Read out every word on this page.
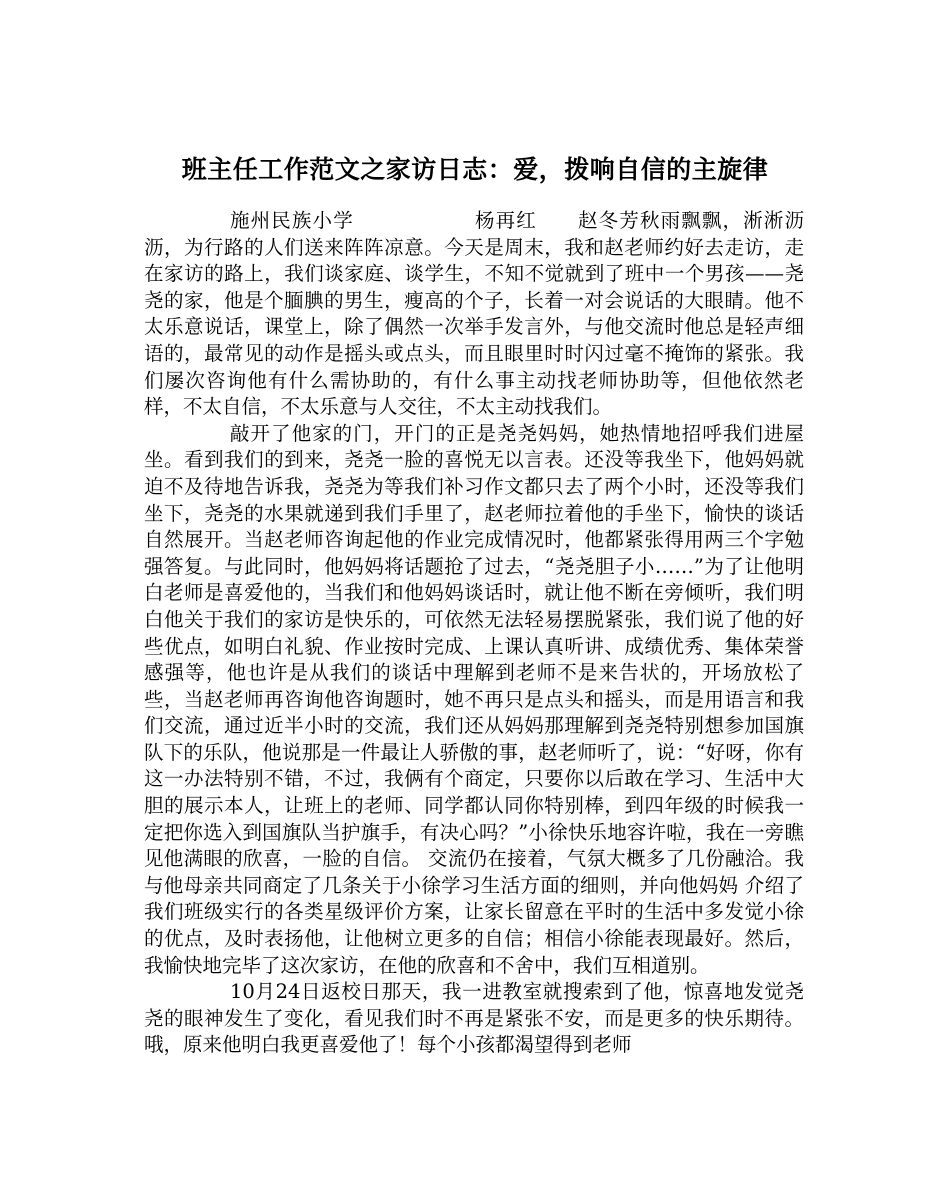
班主任工作范文之家访日志：爱，拨响自信的主旋律

施州民族小学	杨再红 赵冬芳秋雨飘飘，淅淅沥沥，为行路的人们送来阵阵凉意。今天是周末，我和赵老师约好去走访，走在家访的路上，我们谈家庭、谈学生，不知不觉就到了班中一个男孩——尧尧的家，他是个腼腆的男生，瘦高的个子，长着一对会说话的大眼睛。他不太乐意说话，课堂上，除了偶然一次举手发言外，与他交流时他总是轻声细语的，最常见的动作是摇头或点头，而且眼里时时闪过毫不掩饰的紧张。我们屡次咨询他有什么需协助的，有什么事主动找老师协助等，但他依然老样，不太自信，不太乐意与人交往，不太主动找我们。

敲开了他家的门，开门的正是尧尧妈妈，她热情地招呼我们进屋坐。看到我们的到来，尧尧一脸的喜悦无以言表。还没等我坐下，他妈妈就迫不及待地告诉我，尧尧为等我们补习作文都只去了两个小时，还没等我们坐下，尧尧的水果就递到我们手里了，赵老师拉着他的手坐下，愉快的谈话自然展开。当赵老师咨询起他的作业完成情况时，他都紧张得用两三个字勉强答复。与此同时，他妈妈将话题抢了过去，“尧尧胆子小……”为了让他明白老师是喜爱他的，当我们和他妈妈谈话时，就让他不断在旁倾听，我们明白他关于我们的家访是快乐的，可依然无法轻易摆脱紧张，我们说了他的好些优点，如明白礼貌、作业按时完成、上课认真听讲、成绩优秀、集体荣誉感强等，他也许是从我们的谈话中理解到老师不是来告状的，开场放松了些，当赵老师再咨询他咨询题时，她不再只是点头和摇头，而是用语言和我们交流，通过近半小时的交流，我们还从妈妈那理解到尧尧特别想参加国旗队下的乐队，他说那是一件最让人骄傲的事，赵老师听了，说：“好呀，你有这一办法特别不错，不过，我俩有个商定，只要你以后敢在学习、生活中大胆的展示本人，让班上的老师、同学都认同你特别棒，到四年级的时候我一定把你选入到国旗队当护旗手，有决心吗？”小徐快乐地容许啦，我在一旁瞧见他满眼的欣喜，一脸的自信。 交流仍在接着，气氛大概多了几份融洽。我与他母亲共同商定了几条关于小徐学习生活方面的细则，并向他妈妈 介绍了我们班级实行的各类星级评价方案，让家长留意在平时的生活中多发觉小徐的优点，及时表扬他，让他树立更多的自信；相信小徐能表现最好。然后，我愉快地完毕了这次家访，在他的欣喜和不舍中，我们互相道别。

10月24日返校日那天，我一进教室就搜索到了他，惊喜地发觉尧尧的眼神发生了变化，看见我们时不再是紧张不安，而是更多的快乐期待。哦，原来他明白我更喜爱他了！每个小孩都渴望得到老师
